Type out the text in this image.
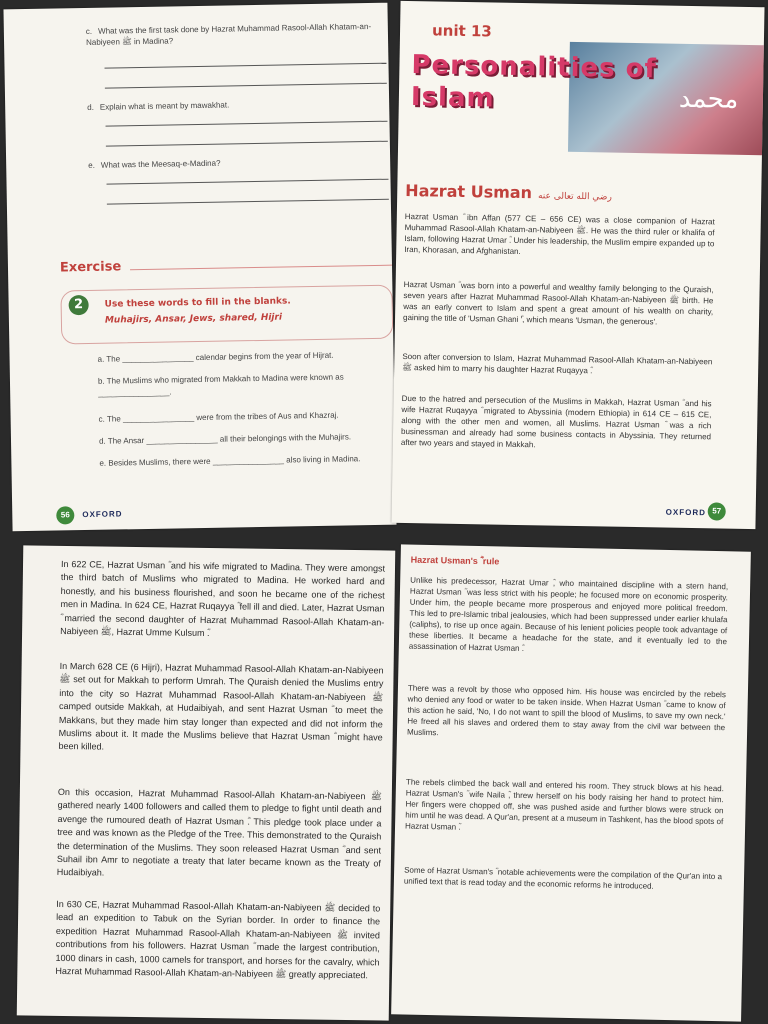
c. What was the first task done by Hazrat Muhammad Rasool-Allah Khatam-an-Nabiyeen ﷺ in Madina?
d. Explain what is meant by mawakhat.
e. What was the Meesaq-e-Madina?
Exercise
2	Use these words to fill in the blanks.
Muhajirs, Ansar, Jews, shared, Hijri
a. The ________________ calendar begins from the year of Hijrat.
b. The Muslims who migrated from Makkah to Madina were known as ________________.
c. The ________________ were from the tribes of Aus and Khazraj.
d. The Ansar ________________ all their belongings with the Muhajirs.
e. Besides Muslims, there were ________________ also living in Madina.
56	OXFORD
محمد
unit 13
Personalities of
Islam
Hazrat Usman رضي الله تعالى عنه
Hazrat Usman ؓ ibn Affan (577 CE – 656 CE) was a close companion of Hazrat Muhammad Rasool-Allah Khatam-an-Nabiyeen ﷺ. He was the third ruler or khalifa of Islam, following Hazrat Umar ؓ. Under his leadership, the Muslim empire expanded up to Iran, Khorasan, and Afghanistan.
Hazrat Usman ؓ was born into a powerful and wealthy family belonging to the Quraish, seven years after Hazrat Muhammad Rasool-Allah Khatam-an-Nabiyeen ﷺ birth. He was an early convert to Islam and spent a great amount of his wealth on charity, gaining the title of 'Usman Ghani ؓ', which means 'Usman, the generous'.
Soon after conversion to Islam, Hazrat Muhammad Rasool-Allah Khatam-an-Nabiyeen ﷺ asked him to marry his daughter Hazrat Ruqayya ؓ.
Due to the hatred and persecution of the Muslims in Makkah, Hazrat Usman ؓ and his wife Hazrat Ruqayya ؓ migrated to Abyssinia (modern Ethiopia) in 614 CE – 615 CE, along with the other men and women, all Muslims. Hazrat Usman ؓ was a rich businessman and already had some business contacts in Abyssinia. They returned after two years and stayed in Makkah.
OXFORD 57
In 622 CE, Hazrat Usman ؓ and his wife migrated to Madina. They were amongst the third batch of Muslims who migrated to Madina. He worked hard and honestly, and his business flourished, and soon he became one of the richest men in Madina. In 624 CE, Hazrat Ruqayya ؓ fell ill and died. Later, Hazrat Usman ؓ married the second daughter of Hazrat Muhammad Rasool-Allah Khatam-an-Nabiyeen ﷺ, Hazrat Umme Kulsum ؓ.
In March 628 CE (6 Hijri), Hazrat Muhammad Rasool-Allah Khatam-an-Nabiyeen ﷺ set out for Makkah to perform Umrah. The Quraish denied the Muslims entry into the city so Hazrat Muhammad Rasool-Allah Khatam-an-Nabiyeen ﷺ camped outside Makkah, at Hudaibiyah, and sent Hazrat Usman ؓ to meet the Makkans, but they made him stay longer than expected and did not inform the Muslims about it. It made the Muslims believe that Hazrat Usman ؓ might have been killed.
On this occasion, Hazrat Muhammad Rasool-Allah Khatam-an-Nabiyeen ﷺ gathered nearly 1400 followers and called them to pledge to fight until death and avenge the rumoured death of Hazrat Usman ؓ. This pledge took place under a tree and was known as the Pledge of the Tree. This demonstrated to the Quraish the determination of the Muslims. They soon released Hazrat Usman ؓ and sent Suhail ibn Amr to negotiate a treaty that later became known as the Treaty of Hudaibiyah.
In 630 CE, Hazrat Muhammad Rasool-Allah Khatam-an-Nabiyeen ﷺ decided to lead an expedition to Tabuk on the Syrian border. In order to finance the expedition Hazrat Muhammad Rasool-Allah Khatam-an-Nabiyeen ﷺ invited contributions from his followers. Hazrat Usman ؓ made the largest contribution, 1000 dinars in cash, 1000 camels for transport, and horses for the cavalry, which Hazrat Muhammad Rasool-Allah Khatam-an-Nabiyeen ﷺ greatly appreciated.
Hazrat Usman's ؓ rule
Unlike his predecessor, Hazrat Umar ؓ, who maintained discipline with a stern hand, Hazrat Usman ؓ was less strict with his people; he focused more on economic prosperity. Under him, the people became more prosperous and enjoyed more political freedom. This led to pre-Islamic tribal jealousies, which had been suppressed under earlier khulafa (caliphs), to rise up once again. Because of his lenient policies people took advantage of these liberties. It became a headache for the state, and it eventually led to the assassination of Hazrat Usman ؓ.
There was a revolt by those who opposed him. His house was encircled by the rebels who denied any food or water to be taken inside. When Hazrat Usman ؓ came to know of this action he said, 'No, I do not want to spill the blood of Muslims, to save my own neck.' He freed all his slaves and ordered them to stay away from the civil war between the Muslims.
The rebels climbed the back wall and entered his room. They struck blows at his head. Hazrat Usman's ؓ wife Naila ؓ, threw herself on his body raising her hand to protect him. Her fingers were chopped off, she was pushed aside and further blows were struck on him until he was dead. A Qur'an, present at a museum in Tashkent, has the blood spots of Hazrat Usman ؓ.
Some of Hazrat Usman's ؓ notable achievements were the compilation of the Qur'an into a unified text that is read today and the economic reforms he introduced.
